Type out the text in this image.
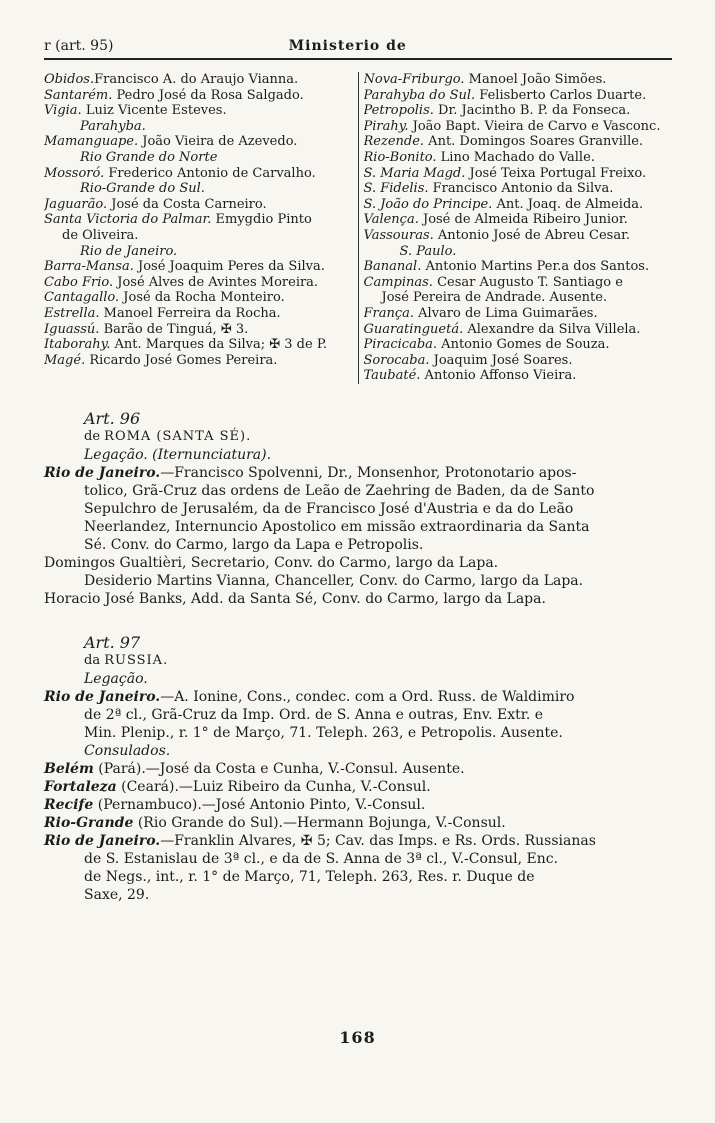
r (art. 95)	Ministerio de
Obidos.Francisco A. do Araujo Vianna.
Santarém. Pedro José da Rosa Salgado.
Vigia. Luiz Vicente Esteves.
Parahyba.
Mamanguape. João Vieira de Azevedo.
Rio Grande do Norte
Mossoró. Frederico Antonio de Carvalho.
Rio-Grande do Sul.
Jaguarão. José da Costa Carneiro.
Santa Victoria do Palmar. Emygdio Pinto
de Oliveira.
Rio de Janeiro.
Barra-Mansa. José Joaquim Peres da Silva.
Cabo Frio. José Alves de Avintes Moreira.
Cantagallo. José da Rocha Monteiro.
Estrella. Manoel Ferreira da Rocha.
Iguassú. Barão de Tinguá, ✠ 3.
Itaborahy. Ant. Marques da Silva; ✠ 3 de P.
Magé. Ricardo José Gomes Pereira.
Nova-Friburgo. Manoel João Simões.
Parahyba do Sul. Felisberto Carlos Duarte.
Petropolis. Dr. Jacintho B. P. da Fonseca.
Pirahy. João Bapt. Vieira de Carvo e Vasconc.
Rezende. Ant. Domingos Soares Granville.
Rio-Bonito. Lino Machado do Valle.
S. Maria Magd. José Teixa Portugal Freixo.
S. Fidelis. Francisco Antonio da Silva.
S. João do Principe. Ant. Joaq. de Almeida.
Valença. José de Almeida Ribeiro Junior.
Vassouras. Antonio José de Abreu Cesar.
S. Paulo.
Bananal. Antonio Martins Per.a dos Santos.
Campinas. Cesar Augusto T. Santiago e
José Pereira de Andrade. Ausente.
França. Alvaro de Lima Guimarães.
Guaratinguetá. Alexandre da Silva Villela.
Piracicaba. Antonio Gomes de Souza.
Sorocaba. Joaquim José Soares.
Taubaté. Antonio Affonso Vieira.
Art. 96
de ROMA (SANTA SÉ).
Legação. (Iternunciatura).
Rio de Janeiro.—Francisco Spolvenni, Dr., Monsenhor, Protonotario apos-
tolico, Grã-Cruz das ordens de Leão de Zaehring de Baden, da de Santo
Sepulchro de Jerusalém, da de Francisco José d'Austria e da do Leão
Neerlandez, Internuncio Apostolico em missão extraordinaria da Santa
Sé. Conv. do Carmo, largo da Lapa e Petropolis.
Domingos Gualtièri, Secretario, Conv. do Carmo, largo da Lapa.
Desiderio Martins Vianna, Chanceller, Conv. do Carmo, largo da Lapa.
Horacio José Banks, Add. da Santa Sé, Conv. do Carmo, largo da Lapa.
Art. 97
da RUSSIA.
Legação.
Rio de Janeiro.—A. Ionine, Cons., condec. com a Ord. Russ. de Waldimiro
de 2ª cl., Grã-Cruz da Imp. Ord. de S. Anna e outras, Env. Extr. e
Min. Plenip., r. 1° de Março, 71. Teleph. 263, e Petropolis. Ausente.
Consulados.
Belém (Pará).—José da Costa e Cunha, V.-Consul. Ausente.
Fortaleza (Ceará).—Luiz Ribeiro da Cunha, V.-Consul.
Recife (Pernambuco).—José Antonio Pinto, V.-Consul.
Rio-Grande (Rio Grande do Sul).—Hermann Bojunga, V.-Consul.
Rio de Janeiro.—Franklin Alvares, ✠ 5; Cav. das Imps. e Rs. Ords. Russianas
de S. Estanislau de 3ª cl., e da de S. Anna de 3ª cl., V.-Consul, Enc.
de Negs., int., r. 1° de Março, 71, Teleph. 263, Res. r. Duque de
Saxe, 29.
168
